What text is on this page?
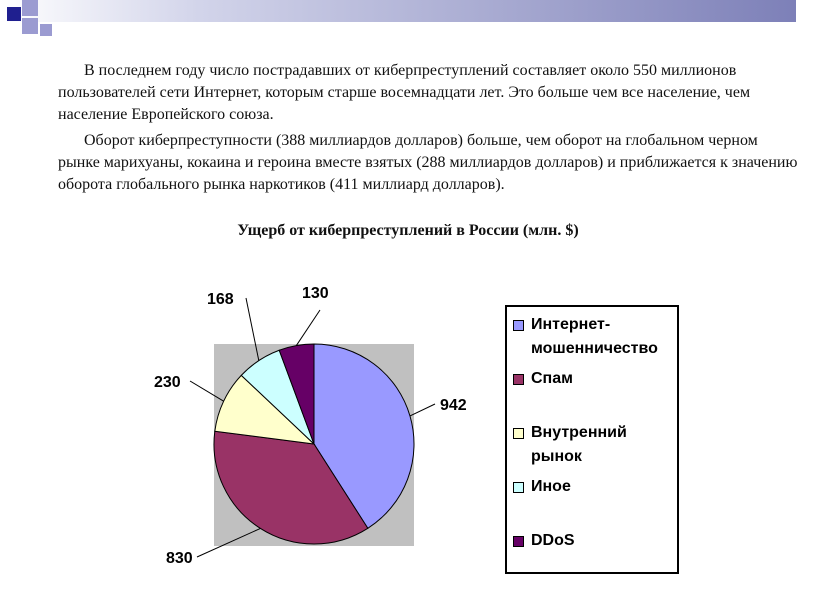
В последнем году число пострадавших от киберпреступлений составляет около 550 миллионов пользователей сети Интернет, которым старше восемнадцати лет. Это больше чем все население, чем население Европейского союза.

Оборот киберпреступности (388 миллиардов долларов) больше, чем оборот на глобальном черном рынке марихуаны, кокаина и героина вместе взятых (288 миллиардов долларов) и приближается к значению оборота глобального рынка наркотиков (411 миллиард долларов).

Ущерб от киберпреступлений в России (млн. $)
942
830
230
168	130
Интернет-мошенничество
Спам
Внутренний рынок
Иное
DDoS
